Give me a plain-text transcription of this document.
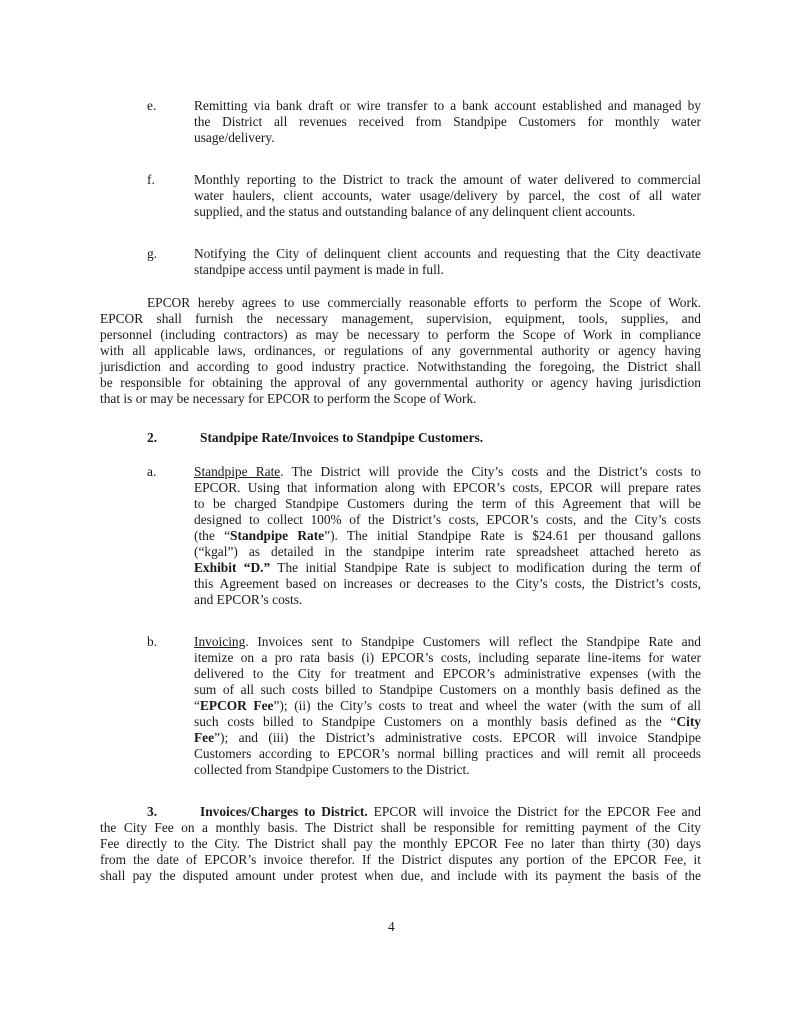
e.	Remitting via bank draft or wire transfer to a bank account established and managed by
the District all revenues received from Standpipe Customers for monthly water
usage/delivery.
f.	Monthly reporting to the District to track the amount of water delivered to commercial
water haulers, client accounts, water usage/delivery by parcel, the cost of all water
supplied, and the status and outstanding balance of any delinquent client accounts.
g.	Notifying the City of delinquent client accounts and requesting that the City deactivate
standpipe access until payment is made in full.
EPCOR hereby agrees to use commercially reasonable efforts to perform the Scope of Work.
EPCOR shall furnish the necessary management, supervision, equipment, tools, supplies, and
personnel (including contractors) as may be necessary to perform the Scope of Work in compliance
with all applicable laws, ordinances, or regulations of any governmental authority or agency having
jurisdiction and according to good industry practice. Notwithstanding the foregoing, the District shall
be responsible for obtaining the approval of any governmental authority or agency having jurisdiction
that is or may be necessary for EPCOR to perform the Scope of Work.
2.	Standpipe Rate/Invoices to Standpipe Customers.
a.	Standpipe Rate. The District will provide the City’s costs and the District’s costs to
EPCOR. Using that information along with EPCOR’s costs, EPCOR will prepare rates
to be charged Standpipe Customers during the term of this Agreement that will be
designed to collect 100% of the District’s costs, EPCOR’s costs, and the City’s costs
(the “Standpipe Rate”). The initial Standpipe Rate is $24.61 per thousand gallons
(“kgal”) as detailed in the standpipe interim rate spreadsheet attached hereto as
Exhibit “D.” The initial Standpipe Rate is subject to modification during the term of
this Agreement based on increases or decreases to the City’s costs, the District’s costs,
and EPCOR’s costs.
b.	Invoicing. Invoices sent to Standpipe Customers will reflect the Standpipe Rate and
itemize on a pro rata basis (i) EPCOR’s costs, including separate line-items for water
delivered to the City for treatment and EPCOR’s administrative expenses (with the
sum of all such costs billed to Standpipe Customers on a monthly basis defined as the
“EPCOR Fee”); (ii) the City’s costs to treat and wheel the water (with the sum of all
such costs billed to Standpipe Customers on a monthly basis defined as the “City
Fee”); and (iii) the District’s administrative costs. EPCOR will invoice Standpipe
Customers according to EPCOR’s normal billing practices and will remit all proceeds
collected from Standpipe Customers to the District.
3.	Invoices/Charges to District. EPCOR will invoice the District for the EPCOR Fee and
the City Fee on a monthly basis. The District shall be responsible for remitting payment of the City
Fee directly to the City. The District shall pay the monthly EPCOR Fee no later than thirty (30) days
from the date of EPCOR’s invoice therefor. If the District disputes any portion of the EPCOR Fee, it
shall pay the disputed amount under protest when due, and include with its payment the basis of the
4
